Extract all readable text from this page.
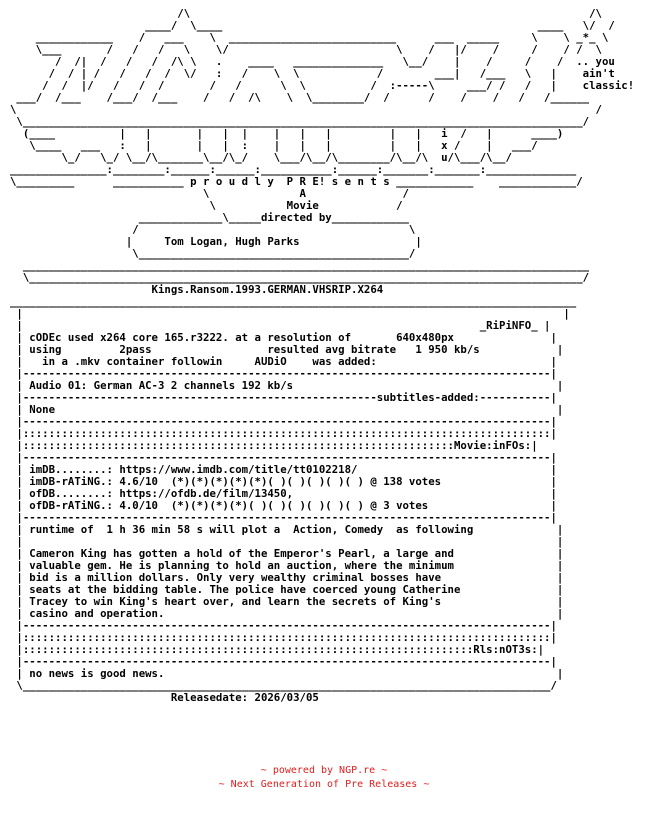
/\                                                              /\
____/  \____                                                 ____   \/  /
____________    /   ___    \  __________________________      ___  _____     \    \ _*_ \
\___       /   /   /   \    \/                          \    /   |/    /     /    / /  \
/  /|  /   /   /  /\ \   .    ____   ______________   \__/    |    /     /    /  .. you
/  / | /   /   /  /  \/   :   /    \  \            /        ___|   /___   \   |    ain't
/  /  |/   /   /  /       /   /      \  \          /  :-----\     ___/ /   /   |    classic!
___/  /___    /___/  /___    /   /  /\    \  \________/  /      /    /    /   /   /______
\                                                                                          /
\_______________________________________________________________________________________/
(____          |   |       |   |  |    |   |   |         |   |   i  /   |      ____)
\____   ___   :   |       |   |  :    |   |   |         |   |   x /    |   ___/
\_/   \_/ \__/\_______\__/\_/    \___/\__/\________/\__/\  u/\___/\__/
_______________:________:______:______:___________:______:_______:_______:______________
\_________      ___________ p r o u d l y  P R E! s e n t s ____________    ____________/
\              A               /
\           Movie            /
_____________\_____directed by____________
/                                          \
|     Tom Logan, Hugh Parks                  |
\__________________________________________/
________________________________________________________________________________________
\______________________________________________________________________________________/
Kings.Ransom.1993.GERMAN.VHSRIP.X264
________________________________________________________________________________________
|                                                                                    |
|                                                                       _RiPiNFO_ |
| cODEc used x264 core 165.r3222. at a resolution of       640x480px               |
| using         2pass                  resulted avg bitrate   1 950 kb/s            |
|   in a .mkv container followin     AUDiO    was added:                           |
|----------------------------------------------------------------------------------|
| Audio 01: German AC-3 2 channels 192 kb/s                                         |
|-------------------------------------------------------subtitles-added:-----------|
| None                                                                              |
|----------------------------------------------------------------------------------|
|::::::::::::::::::::::::::::::::::::::::::::::::::::::::::::::::::::::::::::::::::|
|:::::::::::::::::::::::::::::::::::::::::::::::::::::::::::::::::::Movie:inFOs:|
|----------------------------------------------------------------------------------|
| imDB........: https://www.imdb.com/title/tt0102218/                              |
| imDB-rATiNG.: 4.6/10  (*)(*)(*)(*)(*)( )( )( )( )( ) @ 138 votes                 |
| ofDB........: https://ofdb.de/film/13450,                                        |
| ofDB-rATiNG.: 4.0/10  (*)(*)(*)(*)( )( )( )( )( )( ) @ 3 votes                   |
|----------------------------------------------------------------------------------|
| runtime of  1 h 36 min 58 s will plot a  Action, Comedy  as following             |
|                                                                                   |
| Cameron King has gotten a hold of the Emperor's Pearl, a large and                |
| valuable gem. He is planning to hold an auction, where the minimum                |
| bid is a million dollars. Only very wealthy criminal bosses have                  |
| seats at the bidding table. The police have coerced young Catherine               |
| Tracey to win King's heart over, and learn the secrets of King's                  |
| casino and operation.                                                             |
|----------------------------------------------------------------------------------|
|::::::::::::::::::::::::::::::::::::::::::::::::::::::::::::::::::::::::::::::::::|
|::::::::::::::::::::::::::::::::::::::::::::::::::::::::::::::::::::::Rls:nOT3s:|
|----------------------------------------------------------------------------------|
| no news is good news.                                                             |
\__________________________________________________________________________________/
Releasedate: 2026/03/05
~ powered by NGP.re ~
~ Next Generation of Pre Releases ~
